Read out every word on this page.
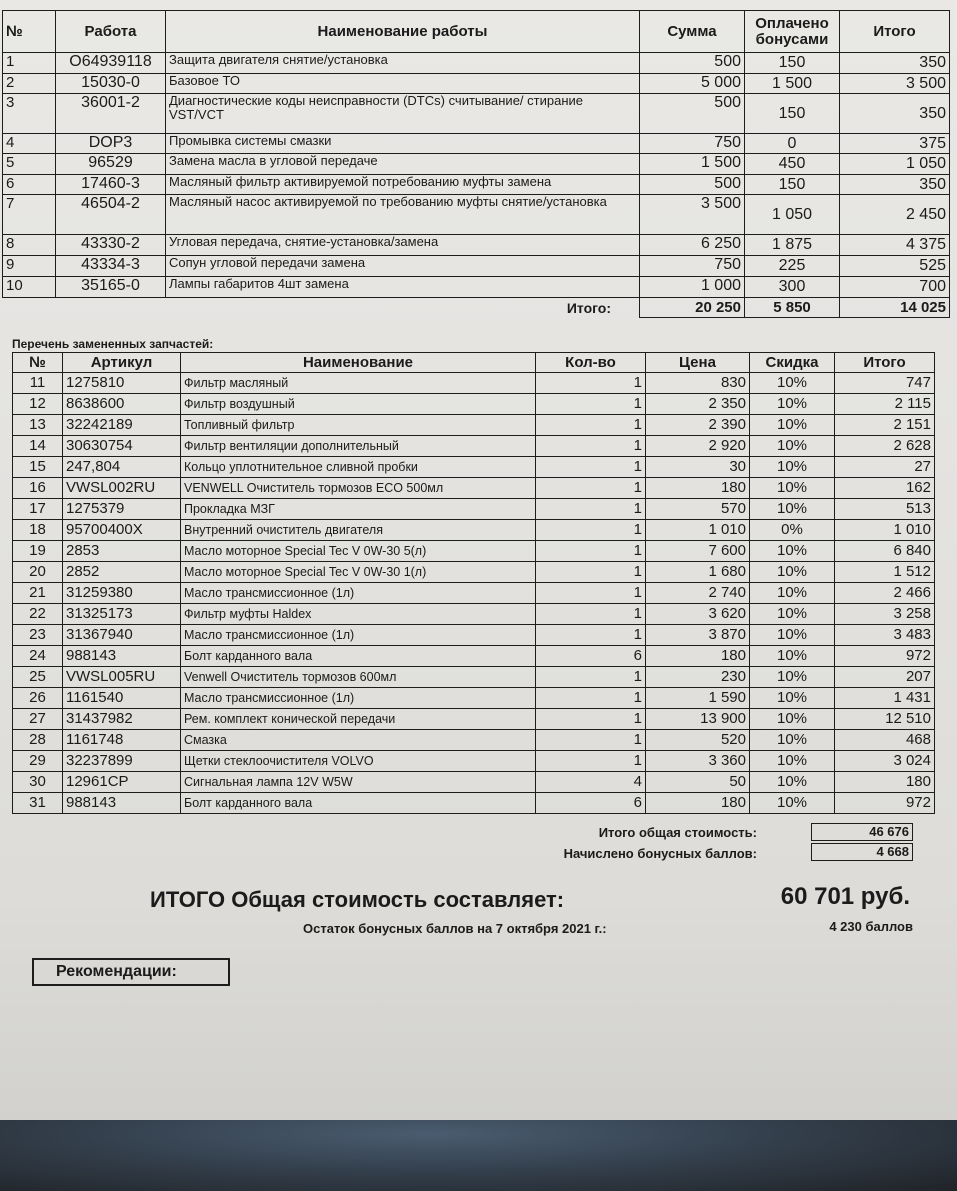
№	Работа	Наименование работы	Сумма	Оплачено бонусами	Итого
1	O64939118	Защита двигателя снятие/установка	500	150	350
2	15030-0	Базовое ТО	5 000	1 500	3 500
3	36001-2	Диагностические коды неисправности (DTCs) считывание/ стирание VST/VCT	500	150	350
4	DOP3	Промывка системы смазки	750	0	375
5	96529	Замена масла в угловой передаче	1 500	450	1 050
6	17460-3	Масляный фильтр активируемой потребованию муфты замена	500	150	350
7	46504-2	Масляный насос активируемой по требованию муфты снятие/установка	3 500	1 050	2 450
8	43330-2	Угловая передача, снятие-установка/замена	6 250	1 875	4 375
9	43334-3	Сопун угловой передачи замена	750	225	525
10	35165-0	Лампы габаритов 4шт замена	1 000	300	700
Итого:			20 250	5 850	14 025
Перечень замененных запчастей:
№	Артикул	Наименование	Кол-во	Цена	Скидка	Итого
11	1275810	Фильтр масляный	1	830	10%	747
12	8638600	Фильтр воздушный	1	2 350	10%	2 115
13	32242189	Топливный фильтр	1	2 390	10%	2 151
14	30630754	Фильтр вентиляции дополнительный	1	2 920	10%	2 628
15	247,804	Кольцо уплотнительное сливной пробки	1	30	10%	27
16	VWSL002RU	VENWELL Очиститель тормозов ECO 500мл	1	180	10%	162
17	1275379	Прокладка МЗГ	1	570	10%	513
18	95700400X	Внутренний очиститель двигателя	1	1 010	0%	1 010
19	2853	Масло моторное Special Tec V 0W-30 5(л)	1	7 600	10%	6 840
20	2852	Масло моторное Special Tec V 0W-30 1(л)	1	1 680	10%	1 512
21	31259380	Масло трансмиссионное (1л)	1	2 740	10%	2 466
22	31325173	Фильтр муфты Haldex	1	3 620	10%	3 258
23	31367940	Масло трансмиссионное (1л)	1	3 870	10%	3 483
24	988143	Болт карданного вала	6	180	10%	972
25	VWSL005RU	Venwell Очиститель тормозов 600мл	1	230	10%	207
26	1161540	Масло трансмиссионное (1л)	1	1 590	10%	1 431
27	31437982	Рем. комплект конической передачи	1	13 900	10%	12 510
28	1161748	Смазка	1	520	10%	468
29	32237899	Щетки стеклоочистителя VOLVO	1	3 360	10%	3 024
30	12961CP	Сигнальная лампа 12V W5W	4	50	10%	180
31	988143	Болт карданного вала	6	180	10%	972
Итого общая стоимость:	46 676
Начислено бонусных баллов:	4 668
ИТОГО Общая стоимость составляет:	60 701 руб.
Остаток бонусных баллов на 7 октября 2021 г.:	4 230 баллов
Рекомендации:
